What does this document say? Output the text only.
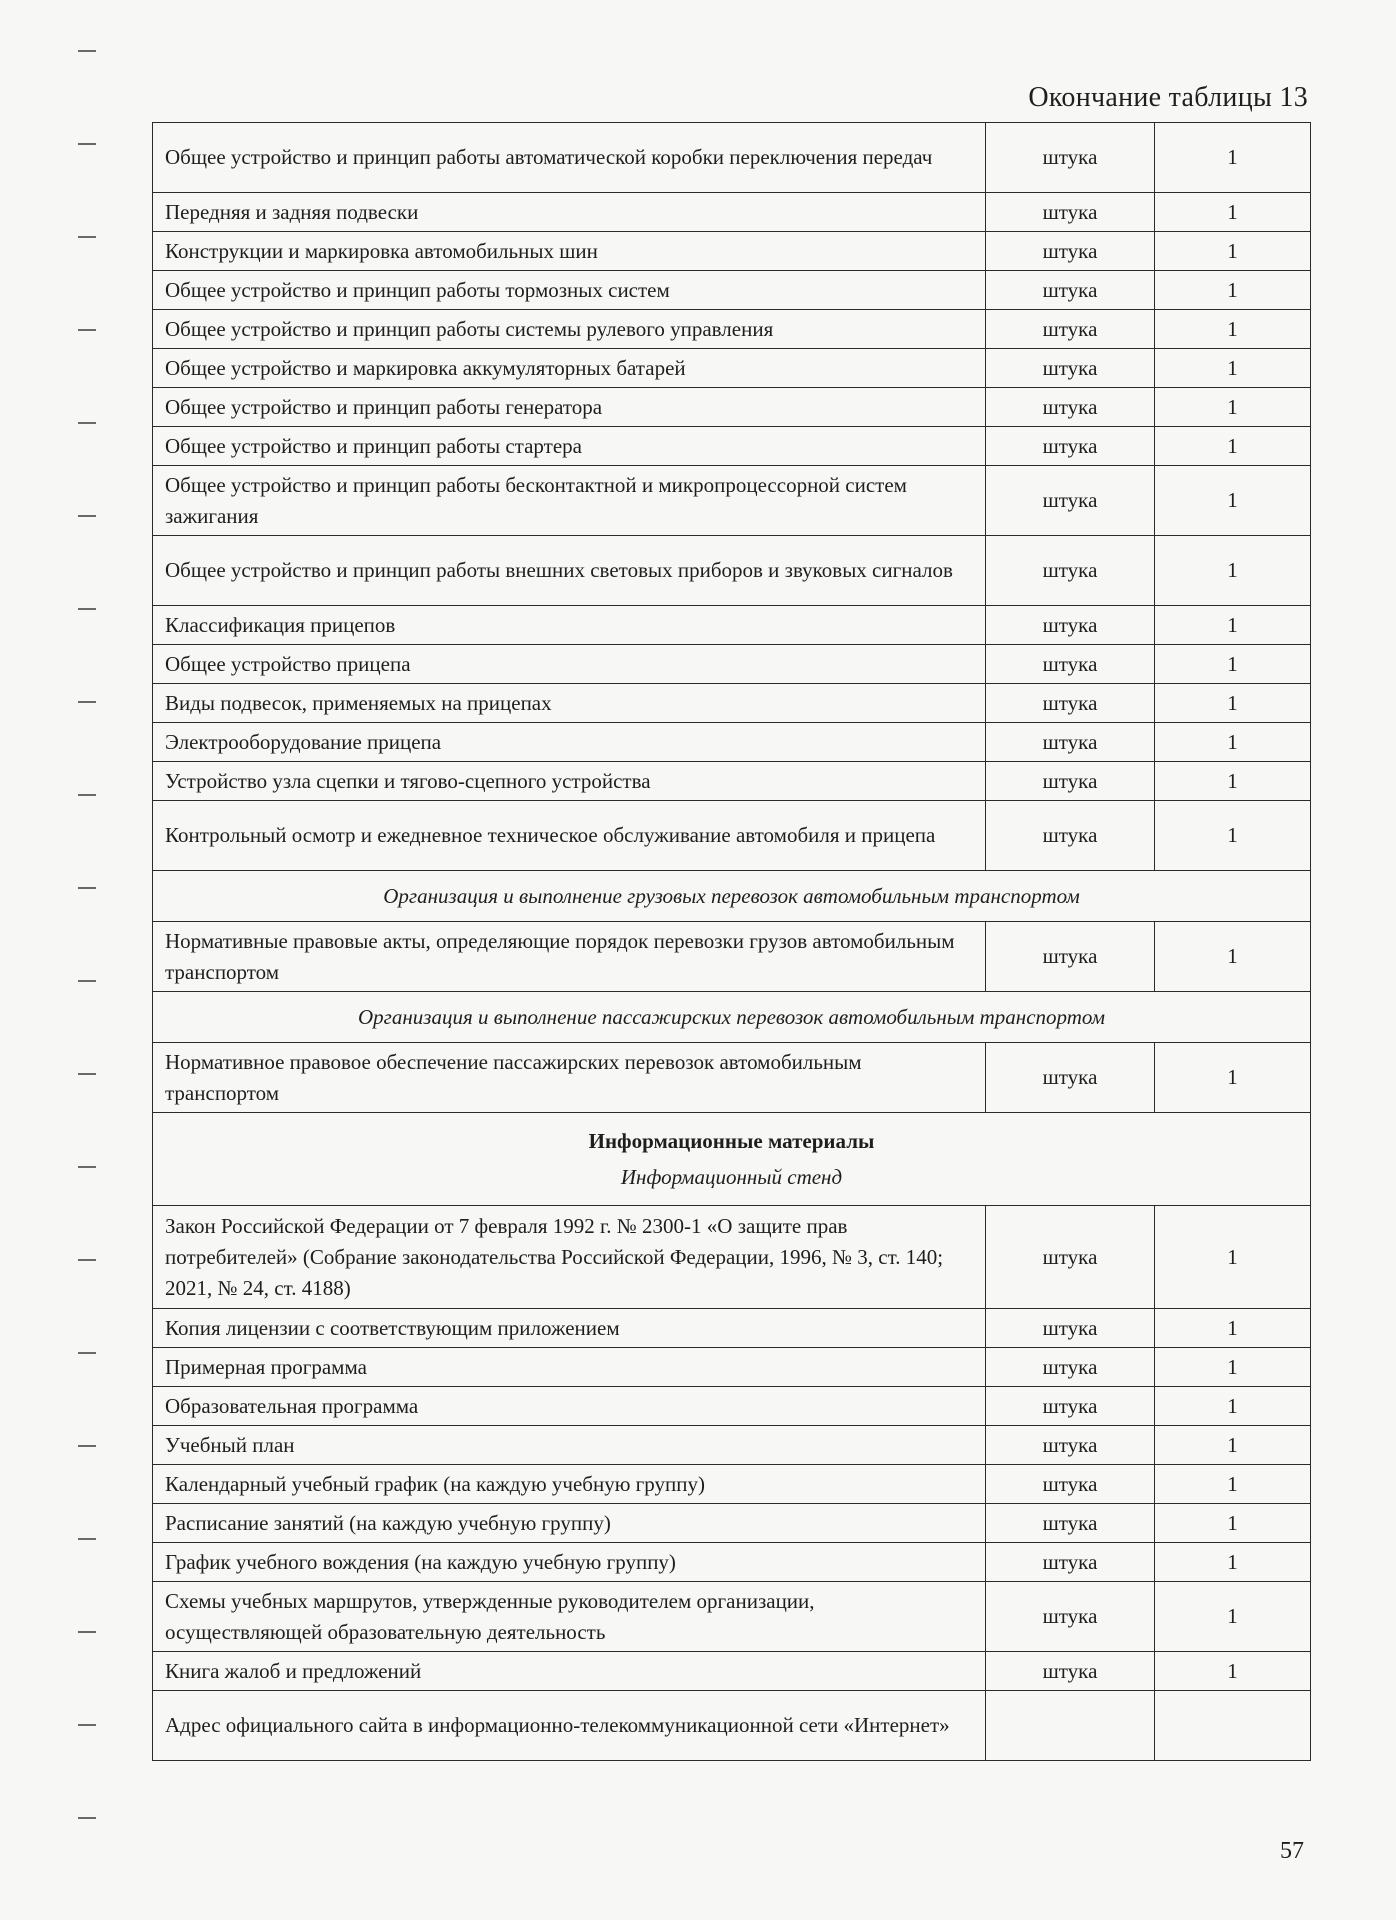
Окончание таблицы 13
Общее устройство и принцип работы автоматической коробки переключения передач	штука	1
Передняя и задняя подвески	штука	1
Конструкции и маркировка автомобильных шин	штука	1
Общее устройство и принцип работы тормозных систем	штука	1
Общее устройство и принцип работы системы рулевого управления	штука	1
Общее устройство и маркировка аккумуляторных батарей	штука	1
Общее устройство и принцип работы генератора	штука	1
Общее устройство и принцип работы стартера	штука	1
Общее устройство и принцип работы бесконтактной и микропроцессорной систем зажигания	штука	1
Общее устройство и принцип работы внешних световых приборов и звуковых сигналов	штука	1
Классификация прицепов	штука	1
Общее устройство прицепа	штука	1
Виды подвесок, применяемых на прицепах	штука	1
Электрооборудование прицепа	штука	1
Устройство узла сцепки и тягово-сцепного устройства	штука	1
Контрольный осмотр и ежедневное техническое обслуживание автомобиля и прицепа	штука	1
Организация и выполнение грузовых перевозок автомобильным транспортом		
Нормативные правовые акты, определяющие порядок перевозки грузов автомобильным транспортом	штука	1
Организация и выполнение пассажирских перевозок автомобильным транспортом		
Нормативное правовое обеспечение пассажирских перевозок автомобильным транспортом	штука	1

Информационные материалы
Информационный стенд		

Закон Российской Федерации от 7 февраля 1992 г. № 2300-1 «О защите прав потребителей» (Собрание законодательства Российской Федерации, 1996, № 3, ст. 140; 2021, № 24, ст. 4188)	штука	1
Копия лицензии с соответствующим приложением	штука	1
Примерная программа	штука	1
Образовательная программа	штука	1
Учебный план	штука	1
Календарный учебный график (на каждую учебную группу)	штука	1
Расписание занятий (на каждую учебную группу)	штука	1
График учебного вождения (на каждую учебную группу)	штука	1
Схемы учебных маршрутов, утвержденные руководителем организации, осуществляющей образовательную деятельность	штука	1
Книга жалоб и предложений	штука	1
Адрес официального сайта в информационно-телекоммуникационной сети «Интернет»		
57
